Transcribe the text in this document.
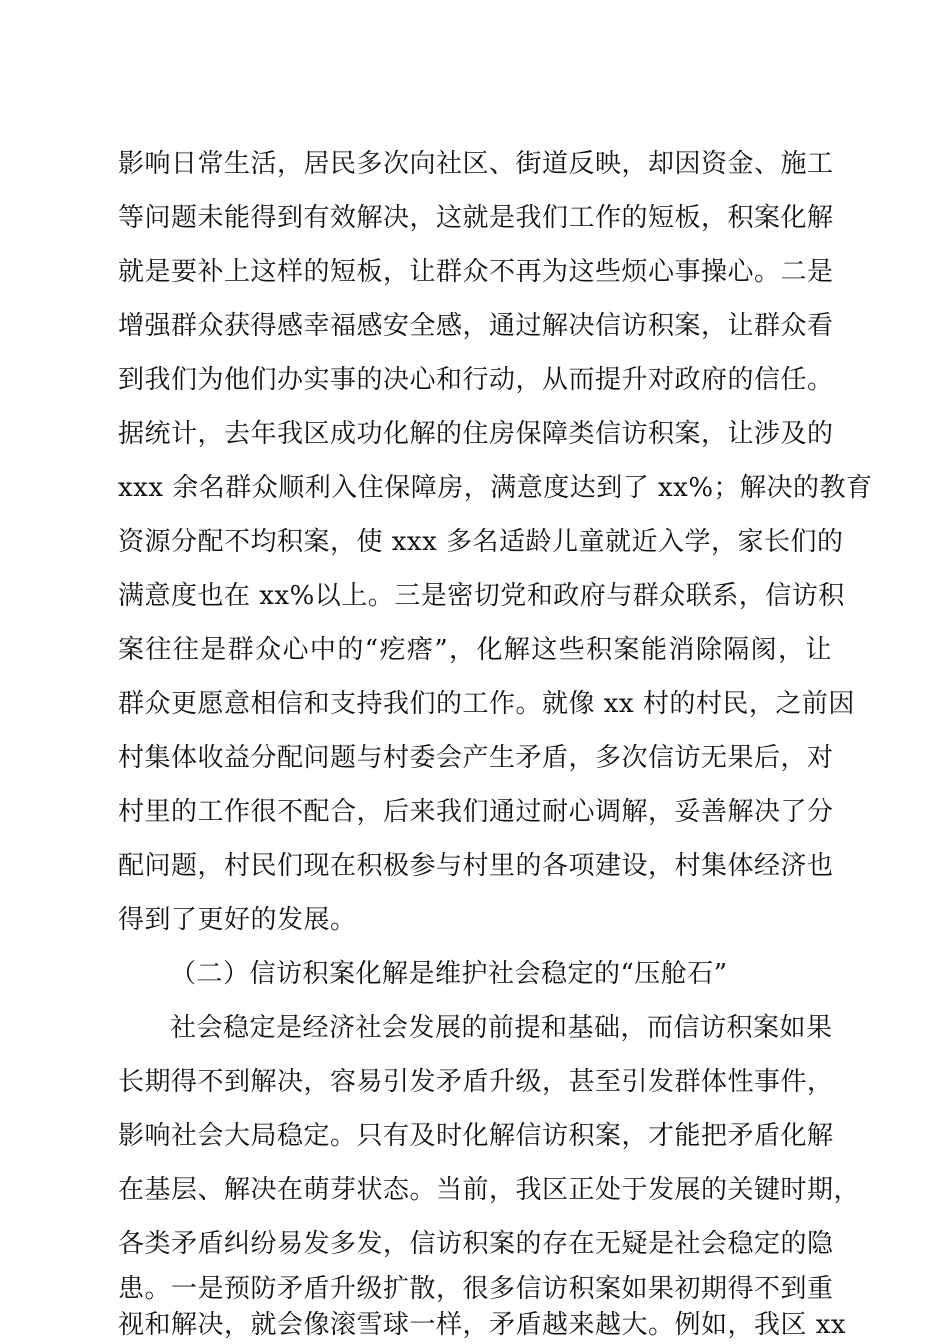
影响日常生活，居民多次向社区、街道反映，却因资金、施工
等问题未能得到有效解决，这就是我们工作的短板，积案化解
就是要补上这样的短板，让群众不再为这些烦心事操心。二是
增强群众获得感幸福感安全感，通过解决信访积案，让群众看
到我们为他们办实事的决心和行动，从而提升对政府的信任。
据统计，去年我区成功化解的住房保障类信访积案，让涉及的
xxx 余名群众顺利入住保障房，满意度达到了 xx%；解决的教育
资源分配不均积案，使 xxx 多名适龄儿童就近入学，家长们的
满意度也在 xx%以上。三是密切党和政府与群众联系，信访积
案往往是群众心中的“疙瘩”，化解这些积案能消除隔阂，让
群众更愿意相信和支持我们的工作。就像 xx 村的村民，之前因
村集体收益分配问题与村委会产生矛盾，多次信访无果后，对
村里的工作很不配合，后来我们通过耐心调解，妥善解决了分
配问题，村民们现在积极参与村里的各项建设，村集体经济也
得到了更好的发展。
（二）信访积案化解是维护社会稳定的“压舱石”
社会稳定是经济社会发展的前提和基础，而信访积案如果
长期得不到解决，容易引发矛盾升级，甚至引发群体性事件，
影响社会大局稳定。只有及时化解信访积案，才能把矛盾化解
在基层、解决在萌芽状态。当前，我区正处于发展的关键时期，
各类矛盾纠纷易发多发，信访积案的存在无疑是社会稳定的隐
患。一是预防矛盾升级扩散，很多信访积案如果初期得不到重
视和解决，就会像滚雪球一样，矛盾越来越大。例如，我区 xx
